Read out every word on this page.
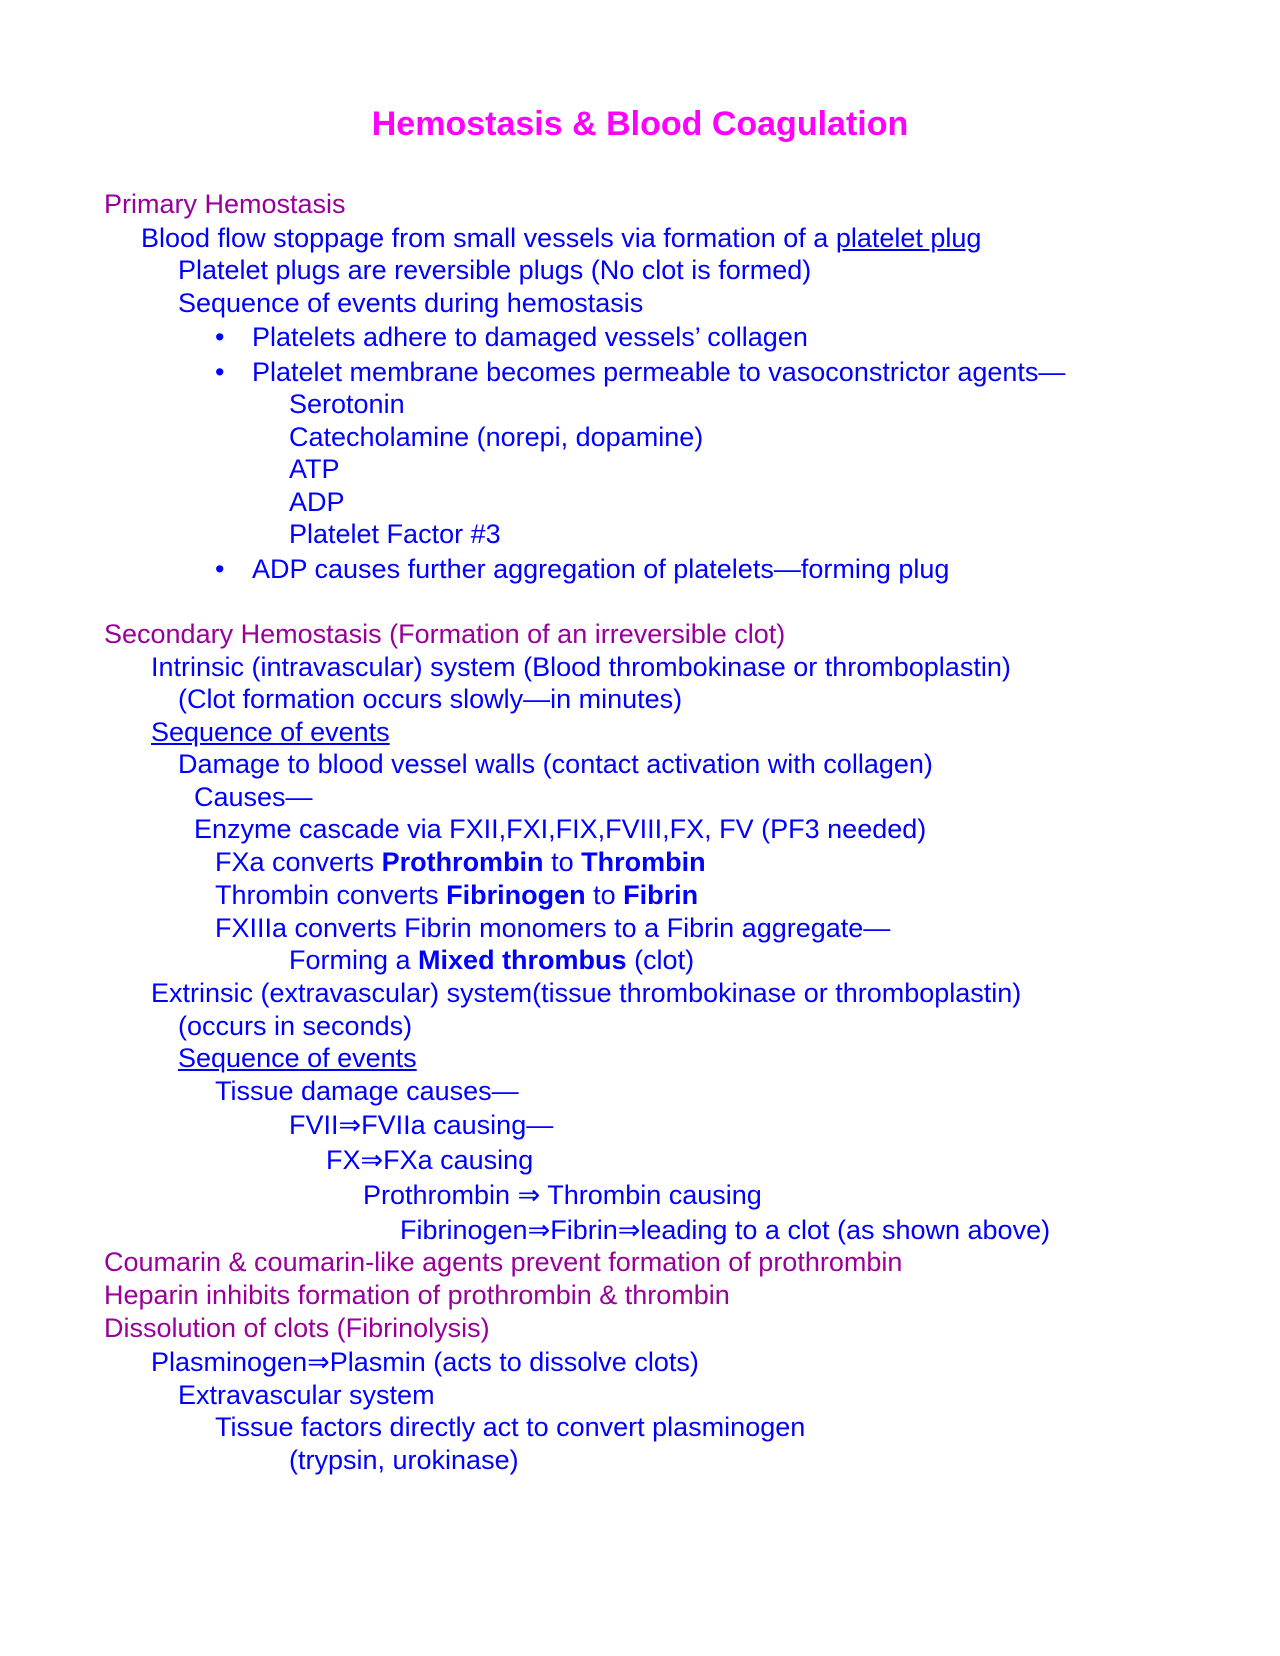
Hemostasis & Blood Coagulation
Primary Hemostasis
Blood flow stoppage from small vessels via formation of a platelet plug
Platelet plugs are reversible plugs (No clot is formed)
Sequence of events during hemostasis
• Platelets adhere to damaged vessels’ collagen
• Platelet membrane becomes permeable to vasoconstrictor agents—
Serotonin
Catecholamine (norepi, dopamine)
ATP
ADP
Platelet Factor #3
• ADP causes further aggregation of platelets—forming plug
Secondary Hemostasis (Formation of an irreversible clot)
Intrinsic (intravascular) system (Blood thrombokinase or thromboplastin)
(Clot formation occurs slowly—in minutes)
Sequence of events
Damage to blood vessel walls (contact activation with collagen)
Causes—
Enzyme cascade via FXII,FXI,FIX,FVIII,FX, FV (PF3 needed)
FXa converts Prothrombin to Thrombin
Thrombin converts Fibrinogen to Fibrin
FXIIIa converts Fibrin monomers to a Fibrin aggregate—
Forming a Mixed thrombus (clot)
Extrinsic (extravascular) system(tissue thrombokinase or thromboplastin)
(occurs in seconds)
Sequence of events
Tissue damage causes—
FVII⇒FVIIa causing—
FX⇒FXa causing
Prothrombin ⇒ Thrombin causing
Fibrinogen⇒Fibrin⇒leading to a clot (as shown above)
Coumarin & coumarin-like agents prevent formation of prothrombin
Heparin inhibits formation of prothrombin & thrombin
Dissolution of clots (Fibrinolysis)
Plasminogen⇒Plasmin (acts to dissolve clots)
Extravascular system
Tissue factors directly act to convert plasminogen
(trypsin, urokinase)
